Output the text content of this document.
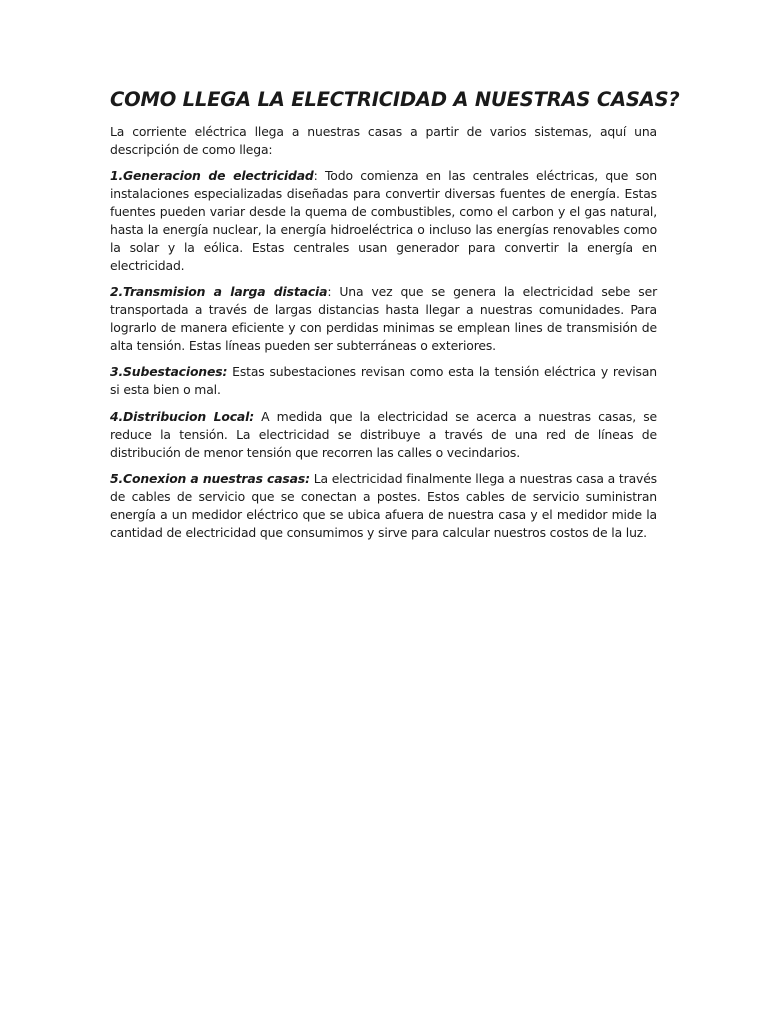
COMO LLEGA LA ELECTRICIDAD A NUESTRAS CASAS?

La corriente eléctrica llega a nuestras casas a partir de varios sistemas, aquí una descripción de como llega:

1.Generacion de electricidad: Todo comienza en las centrales eléctricas, que son instalaciones especializadas diseñadas para convertir diversas fuentes de energía. Estas fuentes pueden variar desde la quema de combustibles, como el carbon y el gas natural, hasta la energía nuclear, la energía hidroeléctrica o incluso las energías renovables como la solar y la eólica. Estas centrales usan generador para convertir la energía en electricidad.

2.Transmision a larga distacia: Una vez que se genera la electricidad sebe ser transportada a través de largas distancias hasta llegar a nuestras comunidades. Para lograrlo de manera eficiente y con perdidas minimas se emplean lines de transmisión de alta tensión. Estas líneas pueden ser subterráneas o exteriores.

3.Subestaciones: Estas subestaciones revisan como esta la tensión eléctrica y revisan si esta bien o mal.

4.Distribucion Local: A medida que la electricidad se acerca a nuestras casas, se reduce la tensión. La electricidad se distribuye a través de una red de líneas de distribución de menor tensión que recorren las calles o vecindarios.

5.Conexion a nuestras casas: La electricidad finalmente llega a nuestras casa a través de cables de servicio que se conectan a postes. Estos cables de servicio suministran energía a un medidor eléctrico que se ubica afuera de nuestra casa y el medidor mide la cantidad de electricidad que consumimos y sirve para calcular nuestros costos de la luz.
